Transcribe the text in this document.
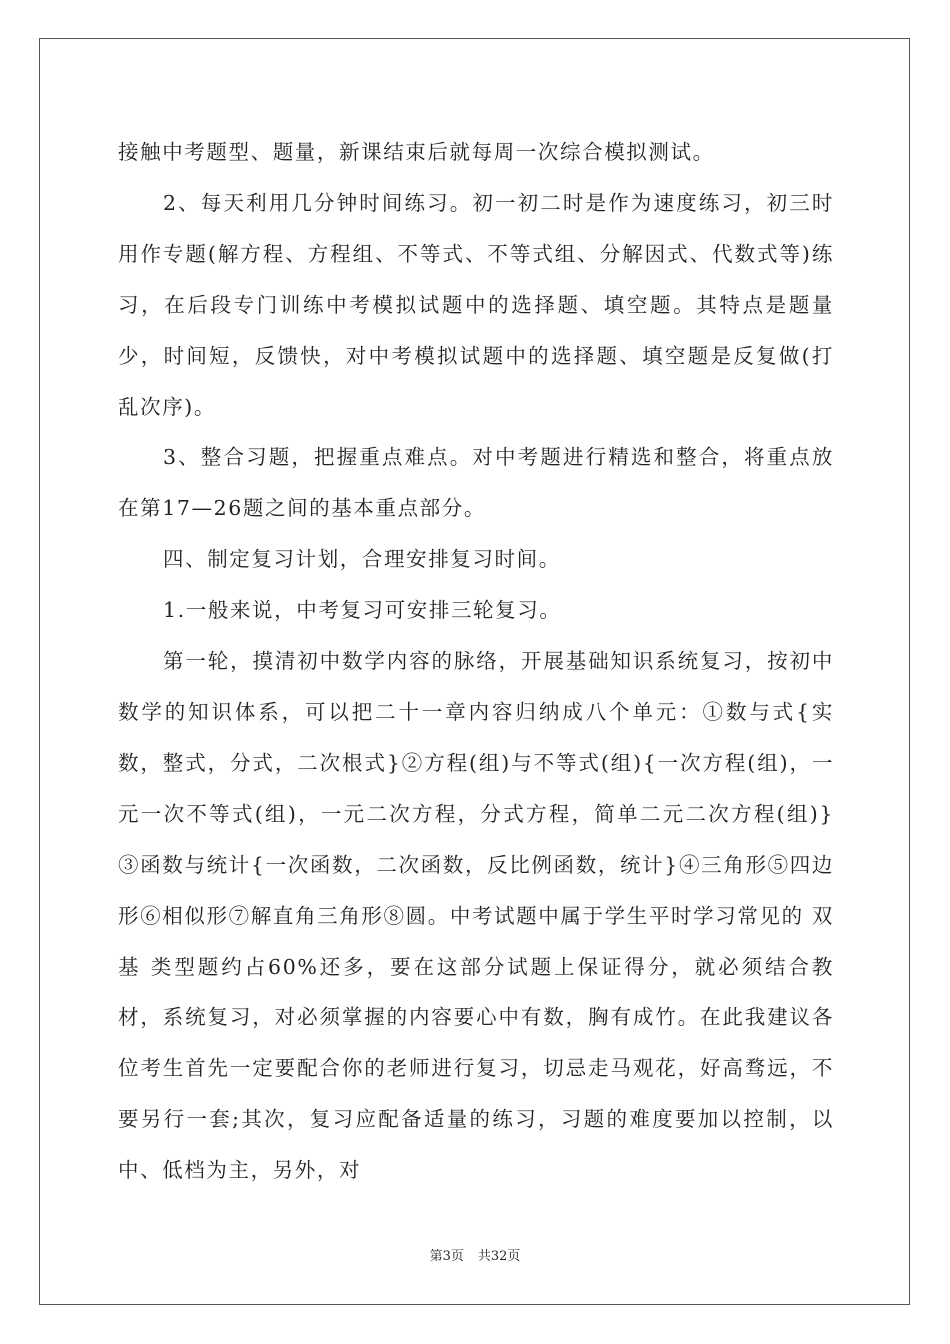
接触中考题型、题量，新课结束后就每周一次综合模拟测试。

2、每天利用几分钟时间练习。初一初二时是作为速度练习，初三时用作专题(解方程、方程组、不等式、不等式组、分解因式、代数式等)练习，在后段专门训练中考模拟试题中的选择题、填空题。其特点是题量少，时间短，反馈快，对中考模拟试题中的选择题、填空题是反复做(打乱次序)。

3、整合习题，把握重点难点。对中考题进行精选和整合，将重点放在第17—26题之间的基本重点部分。

四、制定复习计划，合理安排复习时间。

1.一般来说，中考复习可安排三轮复习。

第一轮，摸清初中数学内容的脉络，开展基础知识系统复习，按初中数学的知识体系，可以把二十一章内容归纳成八个单元：①数与式{实数，整式，分式，二次根式}②方程(组)与不等式(组){一次方程(组)，一元一次不等式(组)，一元二次方程，分式方程，简单二元二次方程(组)}③函数与统计{一次函数，二次函数，反比例函数，统计}④三角形⑤四边形⑥相似形⑦解直角三角形⑧圆。中考试题中属于学生平时学习常见的 双基 类型题约占60%还多，要在这部分试题上保证得分，就必须结合教材，系统复习，对必须掌握的内容要心中有数，胸有成竹。在此我建议各位考生首先一定要配合你的老师进行复习，切忌走马观花，好高骛远，不要另行一套;其次，复习应配备适量的练习，习题的难度要加以控制，以中、低档为主，另外，对

第3页 共32页
